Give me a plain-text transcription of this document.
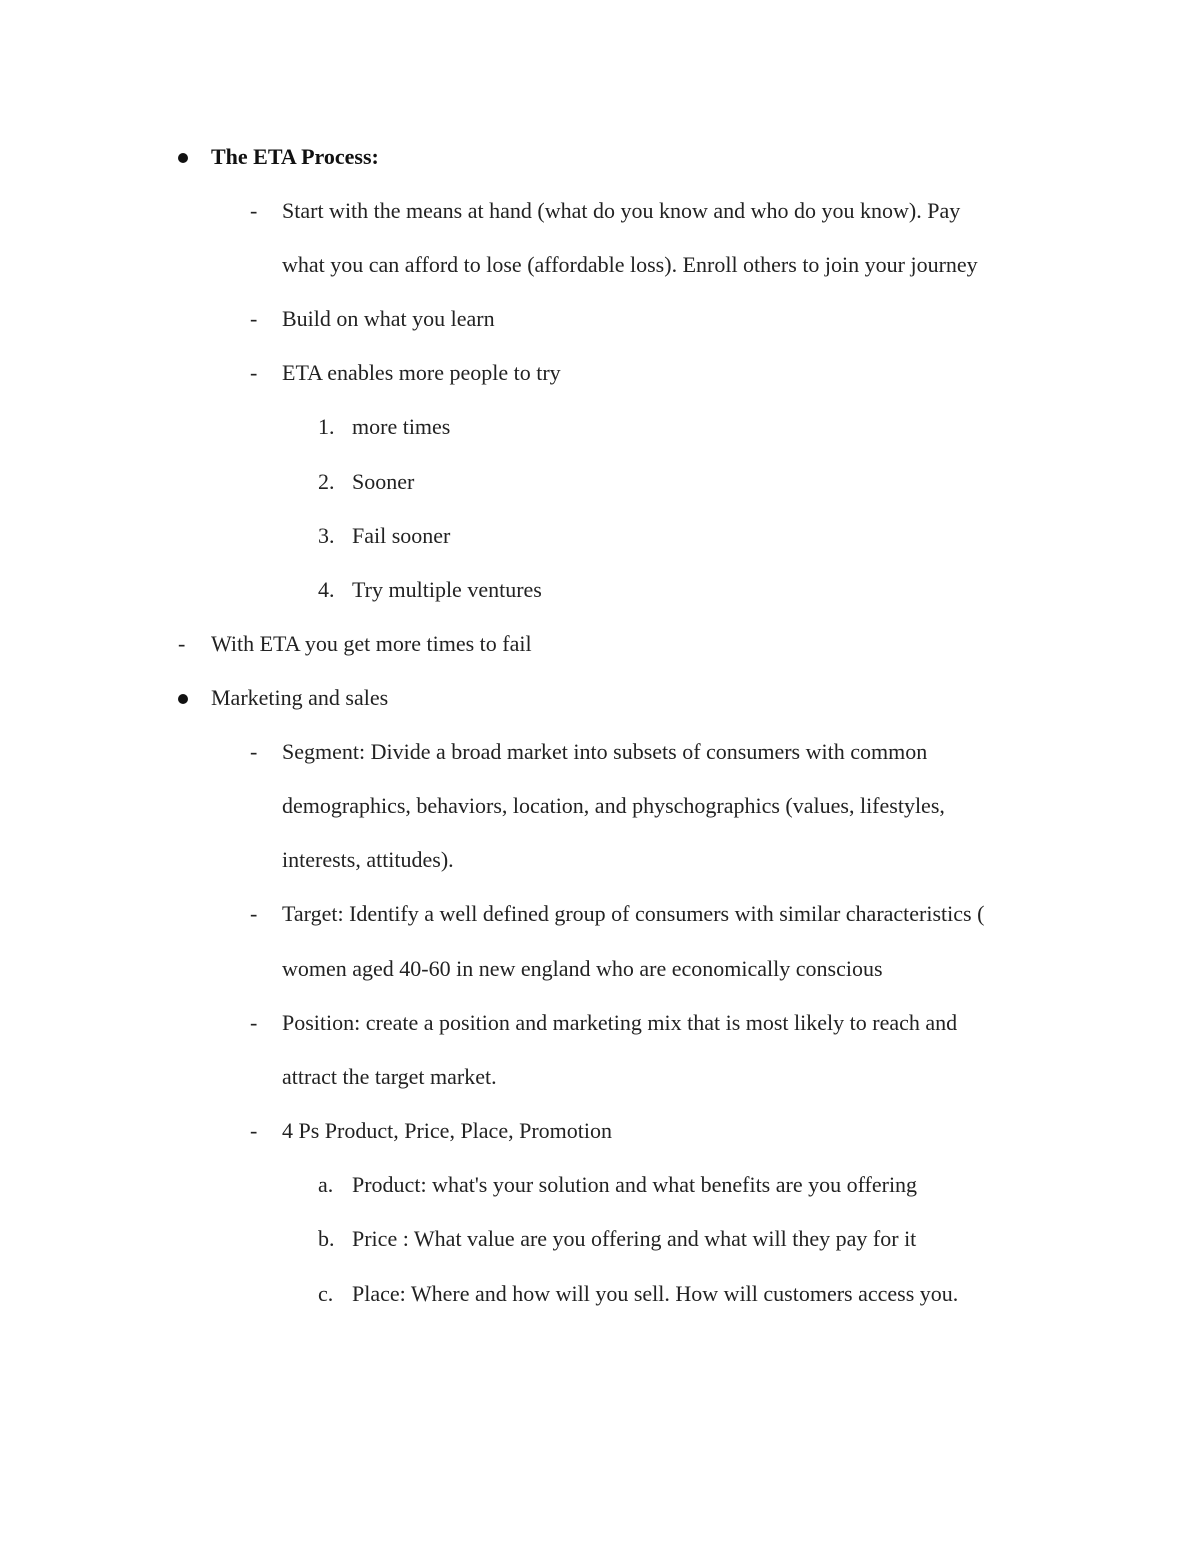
The ETA Process:
- Start with the means at hand (what do you know and who do you know). Pay
what you can afford to lose (affordable loss). Enroll others to join your journey
- Build on what you learn
- ETA enables more people to try
1. more times
2. Sooner
3. Fail sooner
4. Try multiple ventures
- With ETA you get more times to fail
Marketing and sales
- Segment: Divide a broad market into subsets of consumers with common
demographics, behaviors, location, and physchographics (values, lifestyles,
interests, attitudes).
- Target: Identify a well defined group of consumers with similar characteristics (
women aged 40-60 in new england who are economically conscious
- Position: create a position and marketing mix that is most likely to reach and
attract the target market.
- 4 Ps Product, Price, Place, Promotion
a. Product: what's your solution and what benefits are you offering
b. Price : What value are you offering and what will they pay for it
c. Place: Where and how will you sell. How will customers access you.
